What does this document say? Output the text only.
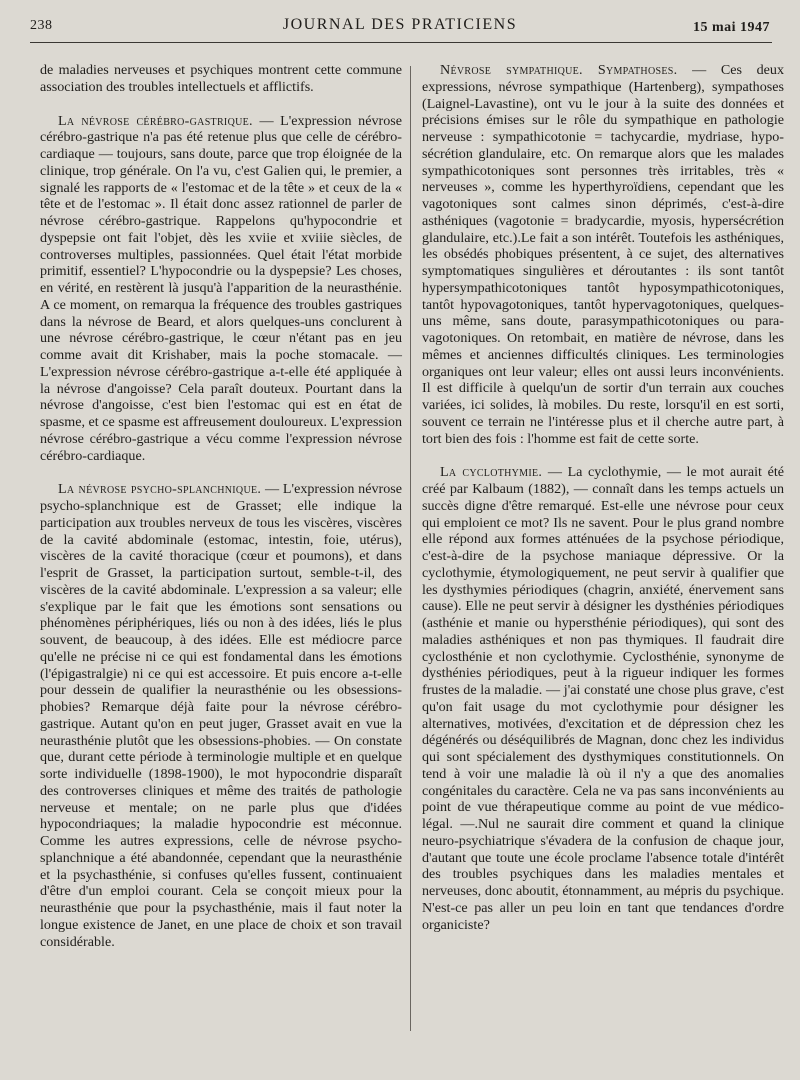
238	JOURNAL DES PRATICIENS	15 mai 1947

de maladies nerveuses et psychiques montrent cette commune association des troubles intellectuels et afflictifs.

La névrose cérébro-gastrique. — L'expression névrose cérébro-gastrique n'a pas été retenue plus que celle de cérébro-cardiaque — toujours, sans doute, parce que trop éloignée de la clinique, trop générale. On l'a vu, c'est Galien qui, le premier, a signalé les rapports de « l'estomac et de la tête » et ceux de la « tête et de l'estomac ». Il était donc assez rationnel de parler de névrose cérébro-gastrique. Rappelons qu'hypocondrie et dyspepsie ont fait l'objet, dès les xviie et xviiie siècles, de controverses multiples, passionnées. Quel était l'état morbide primitif, essentiel? L'hypocondrie ou la dyspepsie? Les choses, en vérité, en restèrent là jusqu'à l'apparition de la neurasthénie. A ce moment, on remarqua la fréquence des troubles gastriques dans la névrose de Beard, et alors quelques-uns conclurent à une névrose cérébro-gastrique, le cœur n'étant pas en jeu comme avait dit Krishaber, mais la poche stomacale. — L'expression névrose cérébro-gastrique a-t-elle été appliquée à la névrose d'angoisse? Cela paraît douteux. Pourtant dans la névrose d'angoisse, c'est bien l'estomac qui est en état de spasme, et ce spasme est affreusement douloureux. L'expression névrose cérébro-gastrique a vécu comme l'expression névrose cérébro-cardiaque.

La névrose psycho-splanchnique. — L'expression névrose psycho-splanchnique est de Grasset; elle indique la participation aux troubles nerveux de tous les viscères, viscères de la cavité abdominale (estomac, intestin, foie, utérus), viscères de la cavité thoracique (cœur et poumons), et dans l'esprit de Grasset, la participation surtout, semble-t-il, des viscères de la cavité abdominale. L'expression a sa valeur; elle s'explique par le fait que les émotions sont sensations ou phénomènes périphériques, liés ou non à des idées, liés le plus souvent, de beaucoup, à des idées. Elle est médiocre parce qu'elle ne précise ni ce qui est fondamental dans les émotions (l'épigastralgie) ni ce qui est accessoire. Et puis encore a-t-elle pour dessein de qualifier la neurasthénie ou les obsessions-phobies? Remarque déjà faite pour la névrose cérébro-gastrique. Autant qu'on en peut juger, Grasset avait en vue la neurasthénie plutôt que les obsessions-phobies. — On constate que, durant cette période à terminologie multiple et en quelque sorte individuelle (1898-1900), le mot hypocondrie disparaît des controverses cliniques et même des traités de pathologie nerveuse et mentale; on ne parle plus que d'idées hypocondriaques; la maladie hypocondrie est méconnue. Comme les autres expressions, celle de névrose psycho-splanchnique a été abandonnée, cependant que la neurasthénie et la psychasthénie, si confuses qu'elles fussent, continuaient d'être d'un emploi courant. Cela se conçoit mieux pour la neurasthénie que pour la psychasthénie, mais il faut noter la longue existence de Janet, en une place de choix et son travail considérable.

Névrose sympathique. Sympathoses. — Ces deux expressions, névrose sympathique (Hartenberg), sympathoses (Laignel-Lavastine), ont vu le jour à la suite des données et précisions émises sur le rôle du sympathique en pathologie nerveuse : sympathicotonie = tachycardie, mydriase, hyposécrétion glandulaire, etc. On remarque alors que les malades sympathicotoniques sont personnes très irritables, très « nerveuses », comme les hyperthyroïdiens, cependant que les vagotoniques sont calmes sinon déprimés, c'est-à-dire asthéniques (vagotonie = bradycardie, myosis, hypersécrétion glandulaire, etc.).Le fait a son intérêt. Toutefois les asthéniques, les obsédés phobiques présentent, à ce sujet, des alternatives symptomatiques singulières et déroutantes : ils sont tantôt hypersympathicotoniques tantôt hyposympathicotoniques, tantôt hypovagotoniques, tantôt hypervagotoniques, quelques-uns même, sans doute, parasympathicotoniques ou paravagotoniques. On retombait, en matière de névrose, dans les mêmes et anciennes difficultés cliniques. Les terminologies organiques ont leur valeur; elles ont aussi leurs inconvénients. Il est difficile à quelqu'un de sortir d'un terrain aux couches variées, ici solides, là mobiles. Du reste, lorsqu'il en est sorti, souvent ce terrain ne l'intéresse plus et il cherche autre part, à tort bien des fois : l'homme est fait de cette sorte.

La cyclothymie. — La cyclothymie, — le mot aurait été créé par Kalbaum (1882), — connaît dans les temps actuels un succès digne d'être remarqué. Est-elle une névrose pour ceux qui emploient ce mot? Ils ne savent. Pour le plus grand nombre elle répond aux formes atténuées de la psychose périodique, c'est-à-dire de la psychose maniaque dépressive. Or la cyclothymie, étymologiquement, ne peut servir à qualifier que les dysthymies périodiques (chagrin, anxiété, énervement sans cause). Elle ne peut servir à désigner les dysthénies périodiques (asthénie et manie ou hypersthénie périodiques), qui sont des maladies asthéniques et non pas thymiques. Il faudrait dire cyclosthénie et non cyclothymie. Cyclosthénie, synonyme de dysthénies périodiques, peut à la rigueur indiquer les formes frustes de la maladie. — j'ai constaté une chose plus grave, c'est qu'on fait usage du mot cyclothymie pour désigner les alternatives, motivées, d'excitation et de dépression chez les dégénérés ou déséquilibrés de Magnan, donc chez les individus qui sont spécialement des dysthymiques constitutionnels. On tend à voir une maladie là où il n'y a que des anomalies congénitales du caractère. Cela ne va pas sans inconvénients au point de vue thérapeutique comme au point de vue médico-légal. —.Nul ne saurait dire comment et quand la clinique neuro-psychiatrique s'évadera de la confusion de chaque jour, d'autant que toute une école proclame l'absence totale d'intérêt des troubles psychiques dans les maladies mentales et nerveuses, donc aboutit, étonnamment, au mépris du psychique. N'est-ce pas aller un peu loin en tant que tendances d'ordre organiciste?
